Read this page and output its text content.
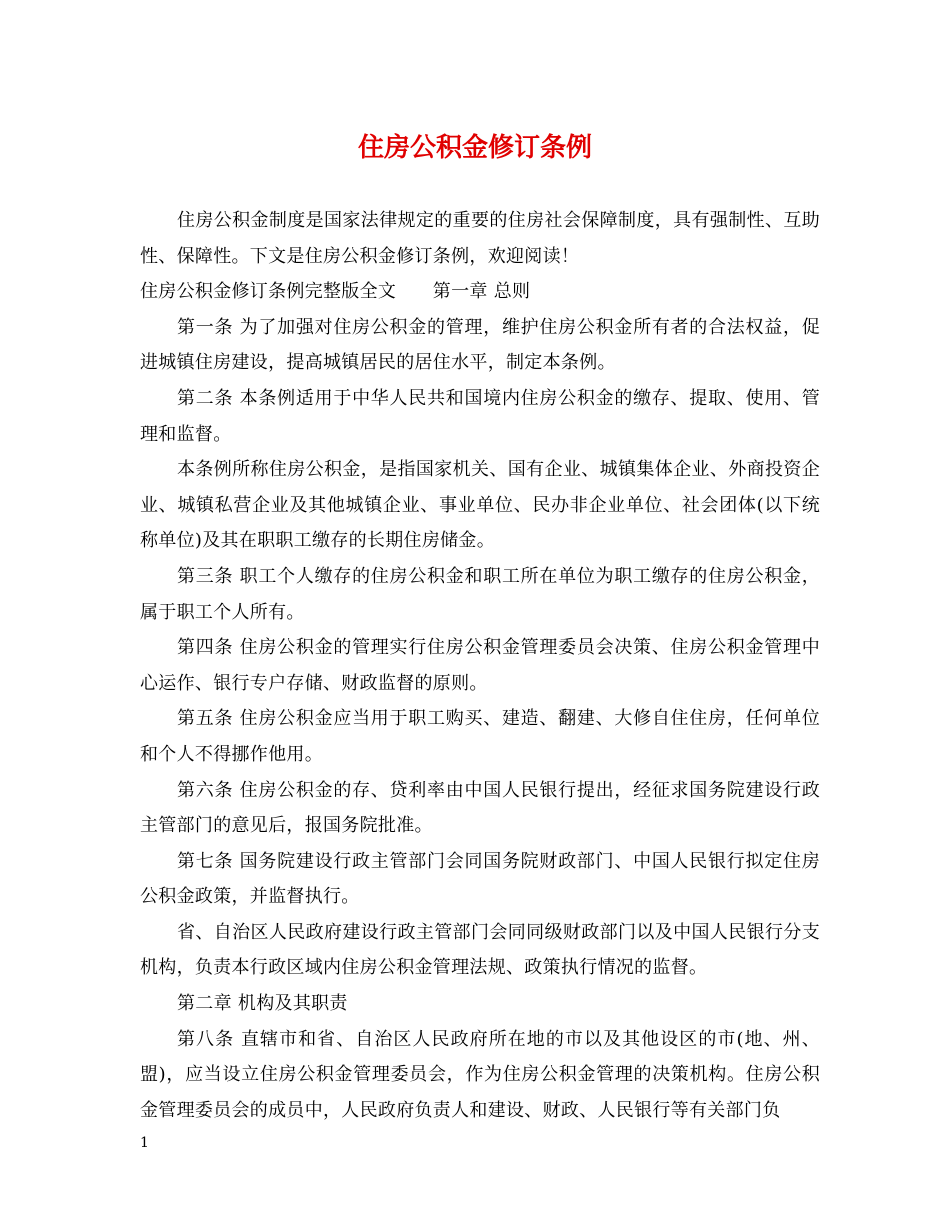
住房公积金修订条例

住房公积金制度是国家法律规定的重要的住房社会保障制度，具有强制性、互助性、保障性。下文是住房公积金修订条例，欢迎阅读！

住房公积金修订条例完整版全文　　第一章 总则

第一条 为了加强对住房公积金的管理，维护住房公积金所有者的合法权益，促进城镇住房建设，提高城镇居民的居住水平，制定本条例。

第二条 本条例适用于中华人民共和国境内住房公积金的缴存、提取、使用、管理和监督。

本条例所称住房公积金，是指国家机关、国有企业、城镇集体企业、外商投资企业、城镇私营企业及其他城镇企业、事业单位、民办非企业单位、社会团体(以下统称单位)及其在职职工缴存的长期住房储金。

第三条 职工个人缴存的住房公积金和职工所在单位为职工缴存的住房公积金，属于职工个人所有。

第四条 住房公积金的管理实行住房公积金管理委员会决策、住房公积金管理中心运作、银行专户存储、财政监督的原则。

第五条 住房公积金应当用于职工购买、建造、翻建、大修自住住房，任何单位和个人不得挪作他用。

第六条 住房公积金的存、贷利率由中国人民银行提出，经征求国务院建设行政主管部门的意见后，报国务院批准。

第七条 国务院建设行政主管部门会同国务院财政部门、中国人民银行拟定住房公积金政策，并监督执行。

省、自治区人民政府建设行政主管部门会同同级财政部门以及中国人民银行分支机构，负责本行政区域内住房公积金管理法规、政策执行情况的监督。

第二章 机构及其职责

第八条 直辖市和省、自治区人民政府所在地的市以及其他设区的市(地、州、盟)，应当设立住房公积金管理委员会，作为住房公积金管理的决策机构。住房公积金管理委员会的成员中，人民政府负责人和建设、财政、人民银行等有关部门负

1
